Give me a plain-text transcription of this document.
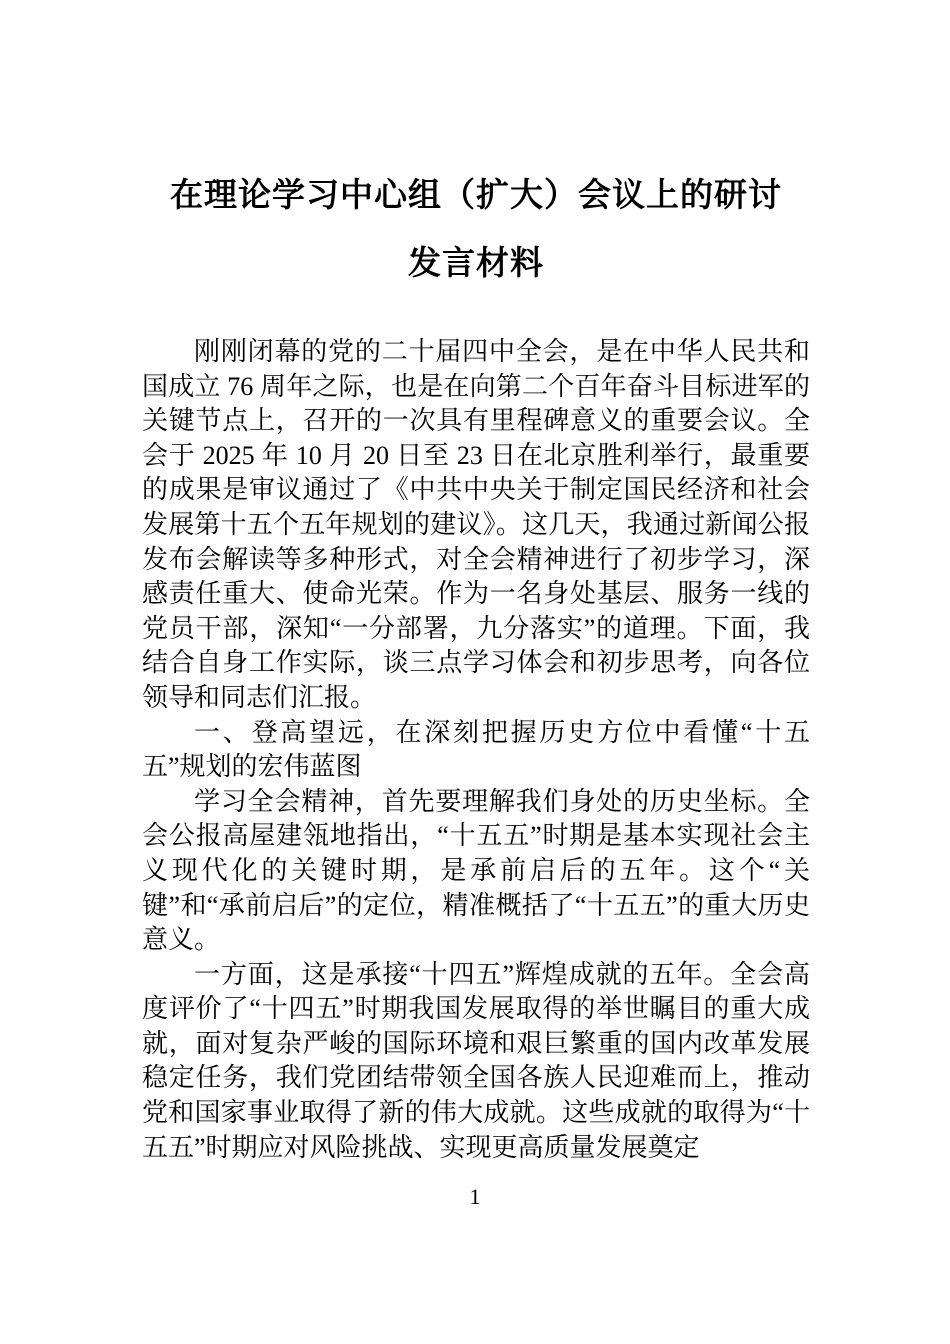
在理论学习中心组（扩大）会议上的研讨
发言材料

刚刚闭幕的党的二十届四中全会，是在中华人民共和国成立 76 周年之际，也是在向第二个百年奋斗目标进军的关键节点上，召开的一次具有里程碑意义的重要会议。全会于 2025 年 10 月 20 日至 23 日在北京胜利举行，最重要的成果是审议通过了《中共中央关于制定国民经济和社会发展第十五个五年规划的建议》。这几天，我通过新闻公报发布会解读等多种形式，对全会精神进行了初步学习，深感责任重大、使命光荣。作为一名身处基层、服务一线的党员干部，深知“一分部署，九分落实”的道理。下面，我结合自身工作实际，谈三点学习体会和初步思考，向各位领导和同志们汇报。

一、登高望远，在深刻把握历史方位中看懂“十五五”规划的宏伟蓝图

学习全会精神，首先要理解我们身处的历史坐标。全会公报高屋建瓴地指出，“十五五”时期是基本实现社会主义现代化的关键时期，是承前启后的五年。这个“关键”和“承前启后”的定位，精准概括了“十五五”的重大历史意义。

一方面，这是承接“十四五”辉煌成就的五年。全会高度评价了“十四五”时期我国发展取得的举世瞩目的重大成就，面对复杂严峻的国际环境和艰巨繁重的国内改革发展稳定任务，我们党团结带领全国各族人民迎难而上，推动党和国家事业取得了新的伟大成就。这些成就的取得为“十五五”时期应对风险挑战、实现更高质量发展奠定

1
